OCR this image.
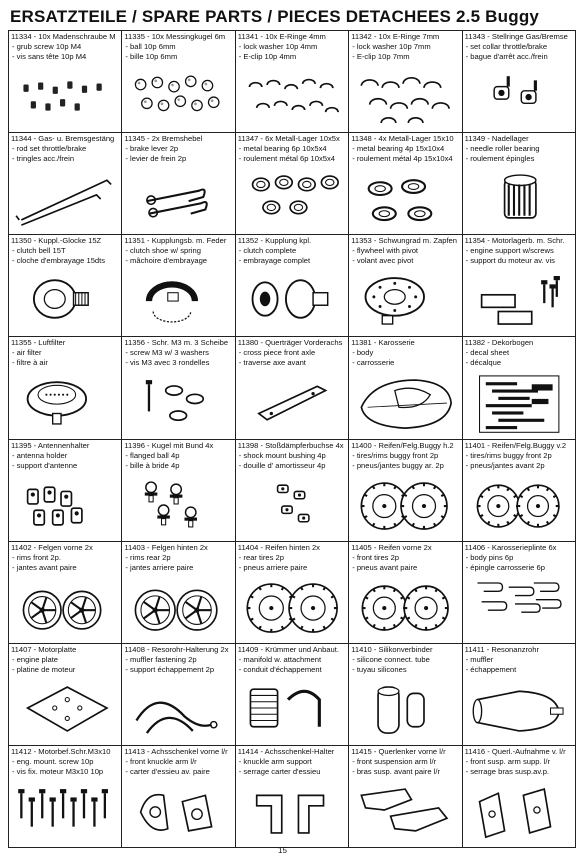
ERSATZTEILE / SPARE PARTS / PIECES DETACHEES 2.5 Buggy
11334 - 10x Madenschraube M
- grub screw 10p M4
- vis sans tête 10p M4
11335 - 10x Messingkugel 6m
- ball 10p 6mm
- bille 10p 6mm
11341 - 10x E-Ringe 4mm
- lock washer 10p 4mm
- E-clip 10p 4mm
11342 - 10x E-Ringe 7mm
- lock washer 10p 7mm
- E-clip 10p 7mm
11343 - Stellringe Gas/Bremse
- set collar throttle/brake
- bague d'arrêt acc./frein
11344 - Gas- u. Bremsgestäng
- rod set throttle/brake
- tringles acc./frein
11345 - 2x Bremshebel
- brake lever 2p
- levier de frein 2p
11347 - 6x Metall-Lager 10x5x
- metal bearing 6p 10x5x4
- roulement métal 6p 10x5x4
11348 - 4x Metall-Lager 15x10
- metal bearing 4p 15x10x4
- roulement métal 4p 15x10x4
11349 - Nadellager
- needle roller bearing
- roulement épingles
11350 - Kuppl.-Glocke 15Z
- clutch bell 15T
- cloche d'embrayage 15dts
11351 - Kupplungsb. m. Feder
- clutch shoe w/ spring
- mâchoire d'embrayage
11352 - Kupplung kpl.
- clutch complete
- embrayage complet
11353 - Schwungrad m. Zapfen
- flywheel with pivot
- volant avec pivot
11354 - Motorlagerb. m. Schr.
- engine support w/screws
- support du moteur av. vis
11355 - Luftfilter
- air filter
- filtre à air
11356 - Schr. M3 m. 3 Scheibe
- screw M3 w/ 3 washers
- vis M3 avec 3 rondelles
11380 - Querträger Vorderachs
- cross piece front axle
- traverse axe avant
11381 - Karosserie
- body
- carrosserie
11382 - Dekorbogen
- decal sheet
- décalque
11395 - Antennenhalter
- antenna holder
- support d'antenne
11396 - Kugel mit Bund 4x
- flanged ball 4p
- bille à bride 4p
11398 - Stoßdämpferbuchse 4x
- shock mount bushing 4p
- douille d' amortisseur 4p
11400 - Reifen/Felg.Buggy h.2
- tires/rims buggy front 2p
- pneus/jantes buggy ar. 2p
11401 - Reifen/Felg.Buggy v.2
- tires/rims buggy front 2p
- pneus/jantes avant 2p
11402 - Felgen vorne 2x
- rims front 2p.
- jantes avant paire
11403 - Felgen hinten 2x
- rims rear 2p
- jantes arriere paire
11404 - Reifen hinten 2x
- rear tires 2p
- pneus arriere paire
11405 - Reifen vorne 2x
- front tires 2p
- pneus avant paire
11406 - Karosserieplinte 6x
- body pins 6p
- épingle carrosserie 6p
11407 - Motorplatte
- engine plate
- platine de moteur
11408 - Resorohr-Halterung 2x
- muffler fastening 2p
- support échappement 2p
11409 - Krümmer und Anbaut.
- manifold w. attachment
- conduit d'échappement
11410 - Silikonverbinder
- silicone connect. tube
- tuyau silicones
11411 - Resonanzrohr
- muffler
- échappement
11412 - Motorbef.Schr.M3x10
- eng. mount. screw 10p
- vis fix. moteur M3x10 10p
11413 - Achsschenkel vorne l/r
- front knuckle arm l/r
- carter d'essieu av. paire
11414 - Achsschenkel-Halter
- knuckle arm support
- serrage carter d'essieu
11415 - Querlenker vorne l/r
- front suspension arm l/r
- bras susp. avant paire l/r
11416 - Querl.-Aufnahme v. l/r
- front susp. arm supp. l/r
- serrage bras susp.av.p.
15
